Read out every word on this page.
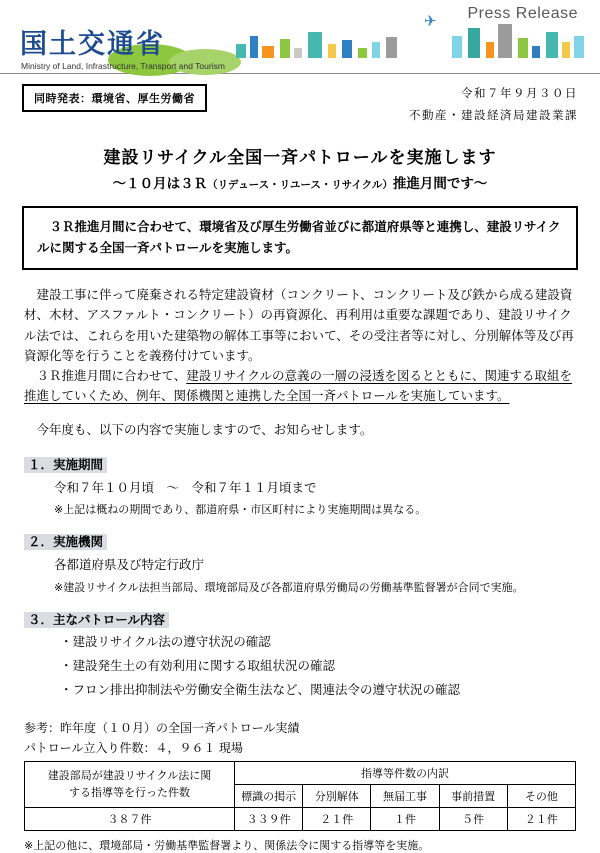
Press Release
✈
国土交通省
Ministry of Land, Infrastructure, Transport and Tourism
同時発表：環境省、厚生労働省	令和７年９月３０日
不動産・建設経済局建設業課
建設リサイクル全国一斉パトロールを実施します
～１０月は３Ｒ（リデュース・リユース・リサイクル）推進月間です～
３Ｒ推進月間に合わせて、環境省及び厚生労働省並びに都道府県等と連携し、建設リサイクルに関する全国一斉パトロールを実施します。

建設工事に伴って廃棄される特定建設資材（コンクリート、コンクリート及び鉄から成る建設資材、木材、アスファルト・コンクリート）の再資源化、再利用は重要な課題であり、建設リサイクル法では、これらを用いた建築物の解体工事等において、その受注者等に対し、分別解体等及び再資源化等を行うことを義務付けています。

３Ｒ推進月間に合わせて、建設リサイクルの意義の一層の浸透を図るとともに、関連する取組を推進していくため、例年、関係機関と連携した全国一斉パトロールを実施しています。

今年度も、以下の内容で実施しますので、お知らせします。

１．実施期間
令和７年１０月頃　～　令和７年１１月頃まで
※上記は概ねの期間であり、都道府県・市区町村により実施期間は異なる。
２．実施機関
各都道府県及び特定行政庁
※建設リサイクル法担当部局、環境部局及び各都道府県労働局の労働基準監督署が合同で実施。
３．主なパトロール内容
・建設リサイクル法の遵守状況の確認
・建設発生土の有効利用に関する取組状況の確認
・フロン排出抑制法や労働安全衛生法など、関連法令の遵守状況の確認
参考：昨年度（１０月）の全国一斉パトロール実績
パトロール立入り件数：４，９６１ 現場
建設部局が建設リサイクル法に関
する指導等を行った件数	指導等件数の内訳				
	標識の掲示	分別解体	無届工事	事前措置	その他
３８７件	３３９件	２１件	１件	５件	２１件
※上記の他に、環境部局・労働基準監督署より、関係法令に関する指導等を実施。
